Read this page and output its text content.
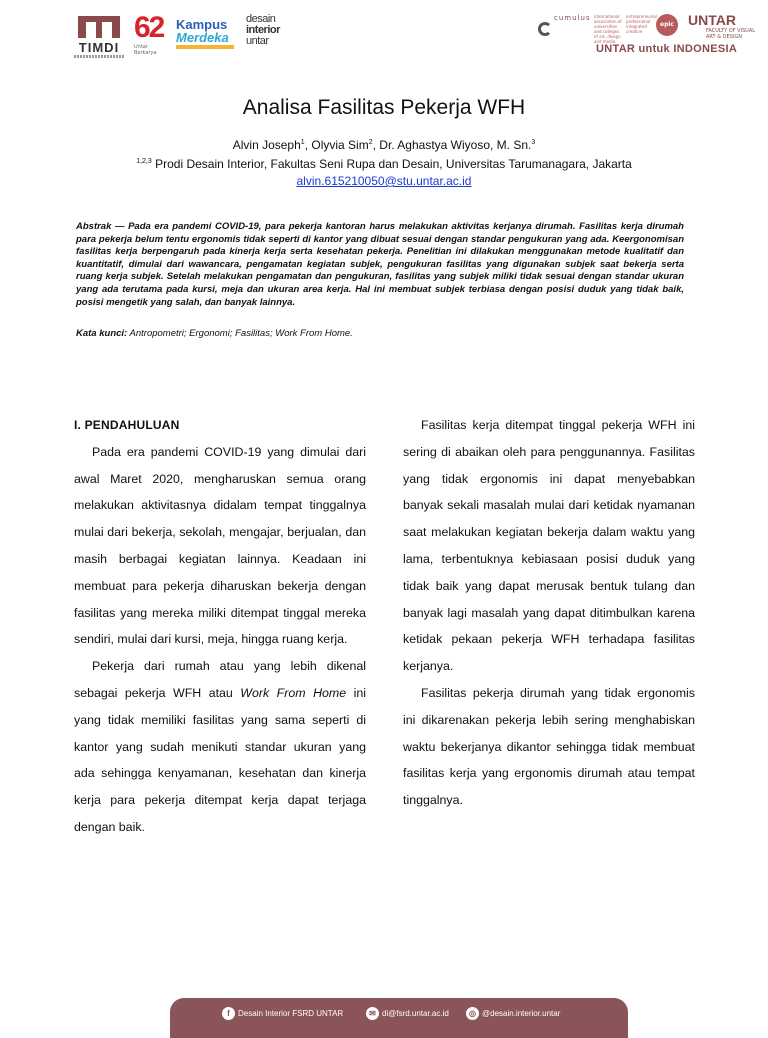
TIMDI
62
Untar Berkarya
Kampus
Merdeka
desain
interior
untar
cumulus international association of universities and colleges of art, design and media
entrepreneurial professional integrated creative
epic UNTAR
FACULTY OF VISUAL ART & DESIGN
UNTAR untuk INDONESIA
Analisa Fasilitas Pekerja WFH
Alvin Joseph$^1$, Olyvia Sim$^2$, Dr. Aghastya Wiyoso, M. Sn.$^3$
$^{1,2,3}$ Prodi Desain Interior, Fakultas Seni Rupa dan Desain, Universitas Tarumanagara, Jakarta
alvin.615210050@stu.untar.ac.id
Abstrak — Pada era pandemi COVID-19, para pekerja kantoran harus melakukan aktivitas kerjanya dirumah. Fasilitas kerja dirumah para pekerja belum tentu ergonomis tidak seperti di kantor yang dibuat sesuai dengan standar pengukuran yang ada. Keergonomisan fasilitas kerja berpengaruh pada kinerja kerja serta kesehatan pekerja. Penelitian ini dilakukan menggunakan metode kualitatif dan kuantitatif, dimulai dari wawancara, pengamatan kegiatan subjek, pengukuran fasilitas yang digunakan subjek saat bekerja serta ruang kerja subjek. Setelah melakukan pengamatan dan pengukuran, fasilitas yang subjek miliki tidak sesuai dengan standar ukuran yang ada terutama pada kursi, meja dan ukuran area kerja. Hal ini membuat subjek terbiasa dengan posisi duduk yang tidak baik, posisi mengetik yang salah, dan banyak lainnya.
Kata kunci: Antropometri; Ergonomi; Fasilitas; Work From Home.
I. PENDAHULUAN

Pada era pandemi COVID-19 yang dimulai dari awal Maret 2020, mengharuskan semua orang melakukan aktivitasnya didalam tempat tinggalnya mulai dari bekerja, sekolah, mengajar, berjualan, dan masih berbagai kegiatan lainnya. Keadaan ini membuat para pekerja diharuskan bekerja dengan fasilitas yang mereka miliki ditempat tinggal mereka sendiri, mulai dari kursi, meja, hingga ruang kerja.

Pekerja dari rumah atau yang lebih dikenal sebagai pekerja WFH atau Work From Home ini yang tidak memiliki fasilitas yang sama seperti di kantor yang sudah menikuti standar ukuran yang ada sehingga kenyamanan, kesehatan dan kinerja kerja para pekerja ditempat kerja dapat terjaga dengan baik.

Fasilitas kerja ditempat tinggal pekerja WFH ini sering di abaikan oleh para penggunannya. Fasilitas yang tidak ergonomis ini dapat menyebabkan banyak sekali masalah mulai dari ketidak nyamanan saat melakukan kegiatan bekerja dalam waktu yang lama, terbentuknya kebiasaan posisi duduk yang tidak baik yang dapat merusak bentuk tulang dan banyak lagi masalah yang dapat ditimbulkan karena ketidak pekaan pekerja WFH terhadapa fasilitas kerjanya.

Fasilitas pekerja dirumah yang tidak ergonomis ini dikarenakan pekerja lebih sering menghabiskan waktu bekerjanya dikantor sehingga tidak membuat fasilitas kerja yang ergonomis dirumah atau tempat tinggalnya.

f Desain Interior FSRD UNTAR	✉ di@fsrd.untar.ac.id	◎ @desain.interior.untar
